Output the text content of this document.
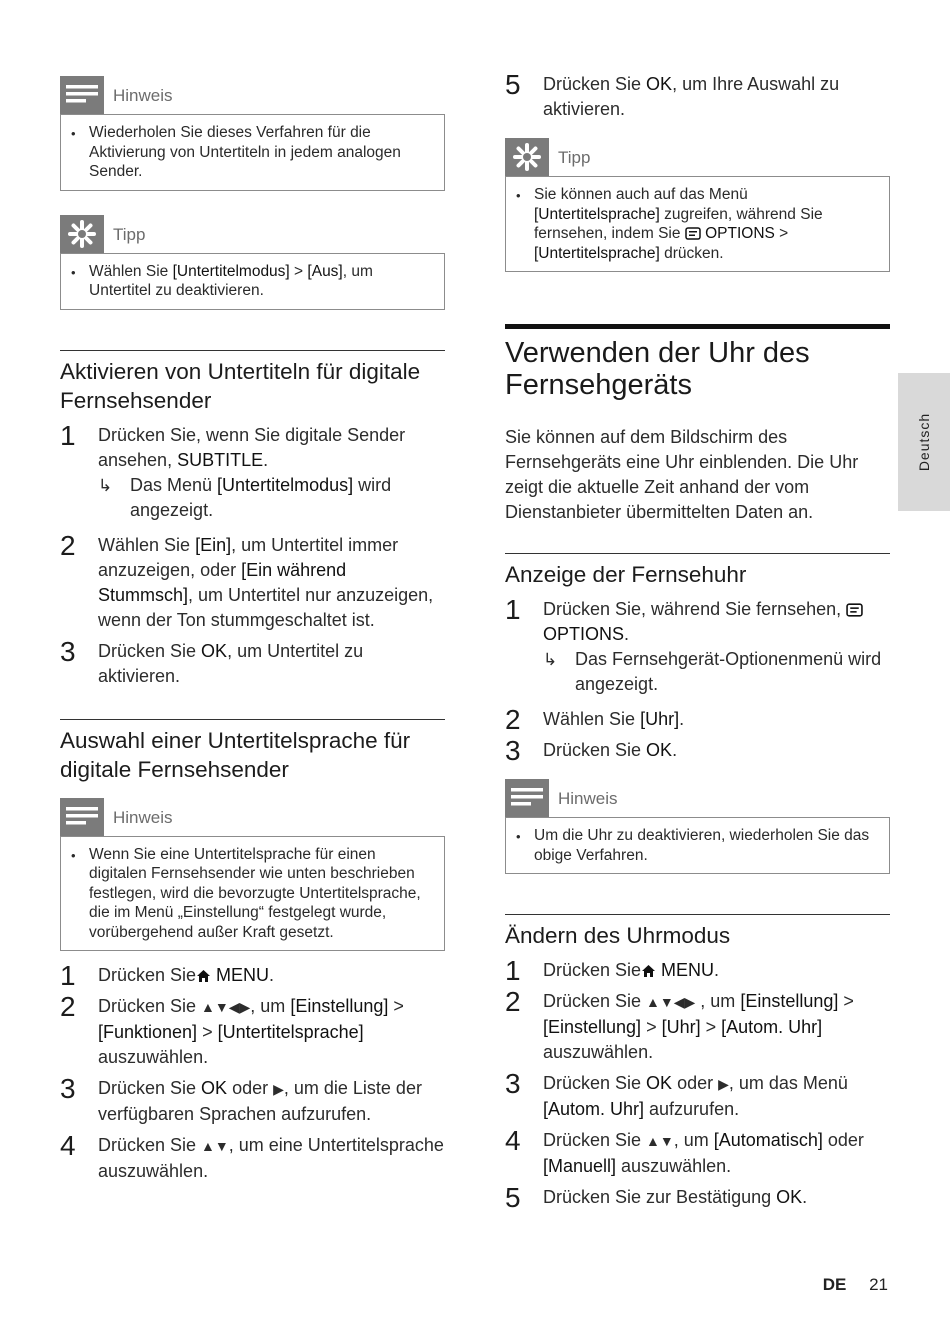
Hinweis
• Wiederholen Sie dieses Verfahren für die Aktivierung von Untertiteln in jedem analogen Sender.
Tipp
• Wählen Sie [Untertitelmodus] > [Aus], um Untertitel zu deaktivieren.
Aktivieren von Untertiteln für digitale Fernsehsender
1	Drücken Sie, wenn Sie digitale Sender ansehen, SUBTITLE.
↳ Das Menü [Untertitelmodus] wird angezeigt.
2	Wählen Sie [Ein], um Untertitel immer anzuzeigen, oder [Ein während Stummsch], um Untertitel nur anzuzeigen, wenn der Ton stummgeschaltet ist.
3	Drücken Sie OK, um Untertitel zu aktivieren.
Auswahl einer Untertitelsprache für digitale Fernsehsender
Hinweis
• Wenn Sie eine Untertitelsprache für einen digitalen Fernsehsender wie unten beschrieben festlegen, wird die bevorzugte Untertitelsprache, die im Menü „Einstellung“ festgelegt wurde, vorübergehend außer Kraft gesetzt.
1	Drücken Sie MENU.
2	Drücken Sie ▲▼◀▶, um [Einstellung] > [Funktionen] > [Untertitelsprache] auszuwählen.
3	Drücken Sie OK oder ▶, um die Liste der verfügbaren Sprachen aufzurufen.
4	Drücken Sie ▲▼, um eine Untertitelsprache auszuwählen.
5	Drücken Sie OK, um Ihre Auswahl zu aktivieren.
Tipp
• Sie können auch auf das Menü [Untertitelsprache] zugreifen, während Sie fernsehen, indem Sie  OPTIONS > [Untertitelsprache] drücken.
Verwenden der Uhr des Fernsehgeräts
Sie können auf dem Bildschirm des Fernsehgeräts eine Uhr einblenden. Die Uhr zeigt die aktuelle Zeit anhand der vom Dienstanbieter übermittelten Daten an.
Anzeige der Fernsehuhr
1	Drücken Sie, während Sie fernsehen,
OPTIONS.
↳ Das Fernsehgerät-Optionenmenü wird angezeigt.
2	Wählen Sie [Uhr].
3	Drücken Sie OK.
Hinweis
• Um die Uhr zu deaktivieren, wiederholen Sie das obige Verfahren.
Ändern des Uhrmodus
1	Drücken Sie MENU.
2	Drücken Sie ▲▼◀▶ , um [Einstellung] > [Einstellung] > [Uhr] > [Autom. Uhr] auszuwählen.
3	Drücken Sie OK oder ▶, um das Menü [Autom. Uhr] aufzurufen.
4	Drücken Sie ▲▼, um [Automatisch] oder [Manuell] auszuwählen.
5	Drücken Sie zur Bestätigung OK.
Deutsch
DE 21
